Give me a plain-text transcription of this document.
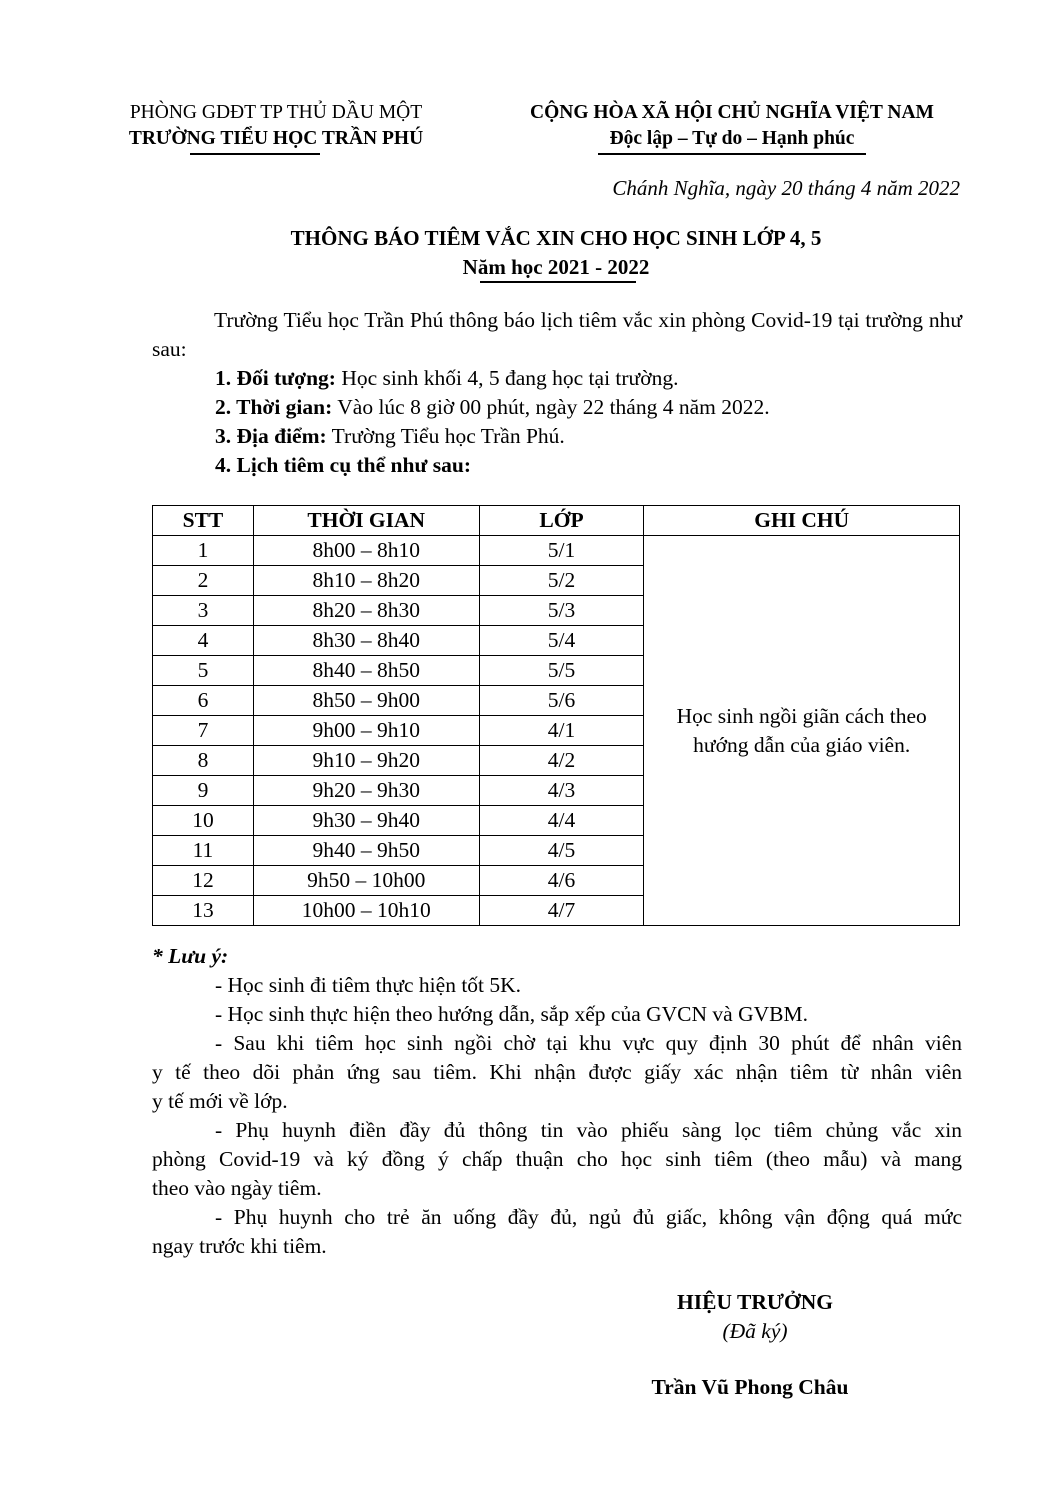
PHÒNG GDĐT TP THỦ DẦU MỘT
TRƯỜNG TIỂU HỌC TRẦN PHÚ
CỘNG HÒA XÃ HỘI CHỦ NGHĨA VIỆT NAM
Độc lập – Tự do – Hạnh phúc
Chánh Nghĩa, ngày 20 tháng 4 năm 2022
THÔNG BÁO TIÊM VẮC XIN CHO HỌC SINH LỚP 4, 5
Năm học 2021 - 2022
Trường Tiểu học Trần Phú thông báo lịch tiêm vắc xin phòng Covid-19 tại trường như sau:
1. Đối tượng: Học sinh khối 4, 5 đang học tại trường.
2. Thời gian: Vào lúc 8 giờ 00 phút, ngày 22 tháng 4 năm 2022.
3. Địa điểm: Trường Tiểu học Trần Phú.
4. Lịch tiêm cụ thể như sau:
STT	THỜI GIAN	LỚP	GHI CHÚ
1	8h00 – 8h10	5/1	Học sinh ngồi giãn cách theo
hướng dẫn của giáo viên.

2	8h10 – 8h20	5/2	
3	8h20 – 8h30	5/3	
4	8h30 – 8h40	5/4	
5	8h40 – 8h50	5/5	
6	8h50 – 9h00	5/6	
7	9h00 – 9h10	4/1	
8	9h10 – 9h20	4/2	
9	9h20 – 9h30	4/3	
10	9h30 – 9h40	4/4	
11	9h40 – 9h50	4/5	
12	9h50 – 10h00	4/6	
13	10h00 – 10h10	4/7	
* Lưu ý:
- Học sinh đi tiêm thực hiện tốt 5K.
- Học sinh thực hiện theo hướng dẫn, sắp xếp của GVCN và GVBM.
- Sau khi tiêm học sinh ngồi chờ tại khu vực quy định 30 phút để nhân viên
y tế theo dõi phản ứng sau tiêm. Khi nhận được giấy xác nhận tiêm từ nhân viên
y tế mới về lớp.
- Phụ huynh điền đầy đủ thông tin vào phiếu sàng lọc tiêm chủng vắc xin
phòng Covid-19 và ký đồng ý chấp thuận cho học sinh tiêm (theo mẫu) và mang
theo vào ngày tiêm.
- Phụ huynh cho trẻ ăn uống đầy đủ, ngủ đủ giấc, không vận động quá mức
ngay trước khi tiêm.
HIỆU TRƯỞNG
(Đã ký)
Trần Vũ Phong Châu
